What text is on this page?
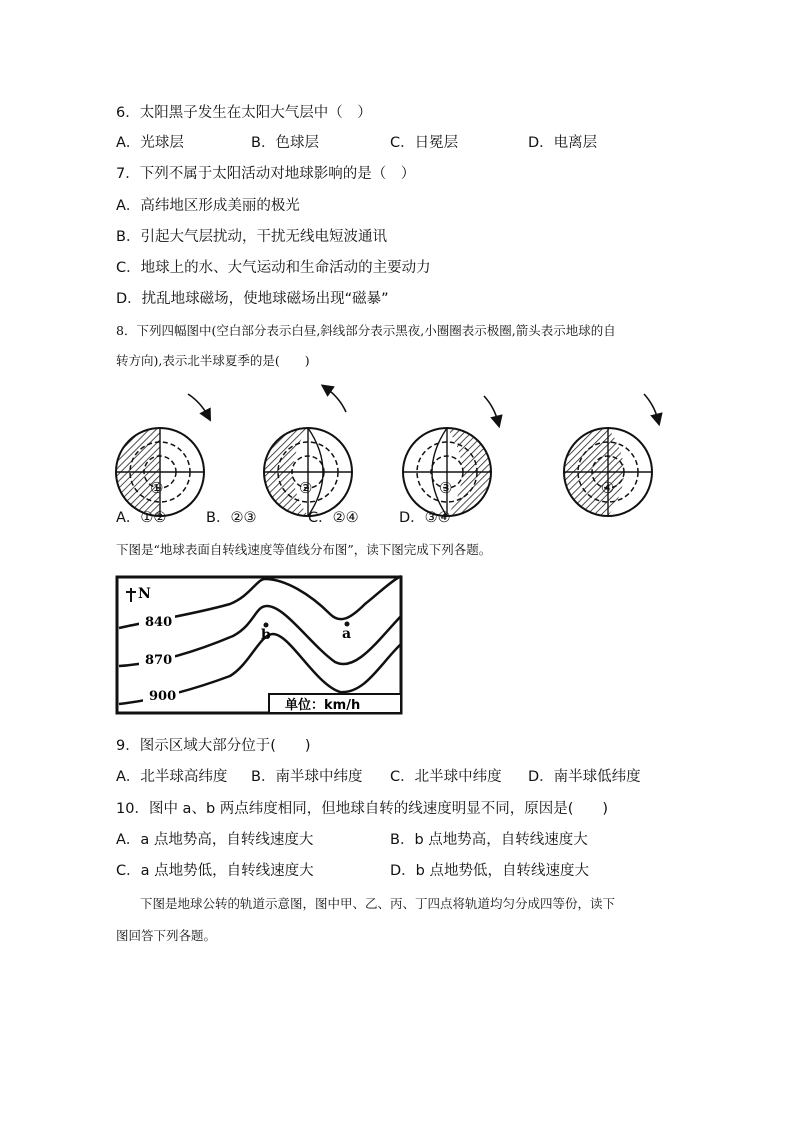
6．太阳黑子发生在太阳大气层中（　）
A．光球层	B．色球层	C．日冕层	D．电离层
7．下列不属于太阳活动对地球影响的是（　）
A．高纬地区形成美丽的极光
B．引起大气层扰动，干扰无线电短波通讯
C．地球上的水、大气运动和生命活动的主要动力
D．扰乱地球磁场，使地球磁场出现“磁暴”
8．下列四幅图中(空白部分表示白昼,斜线部分表示黑夜,小圈圈表示极圈,箭头表示地球的自
转方向),表示北半球夏季的是(　　)
①	②	③	④
A．①②	B．②③	C．②④	D．③④
下图是“地球表面自转线速度等值线分布图”，读下图完成下列各题。
N
840
870
900
b	a
单位：km/h
9．图示区域大部分位于(　　)
A．北半球高纬度 B．南半球中纬度 C．北半球中纬度 D．南半球低纬度
10．图中 a、b 两点纬度相同，但地球自转的线速度明显不同，原因是(　　)
A．a 点地势高，自转线速度大	B．b 点地势高，自转线速度大
C．a 点地势低，自转线速度大	D．b 点地势低，自转线速度大
下图是地球公转的轨道示意图，图中甲、乙、丙、丁四点将轨道均匀分成四等份，读下
图回答下列各题。
